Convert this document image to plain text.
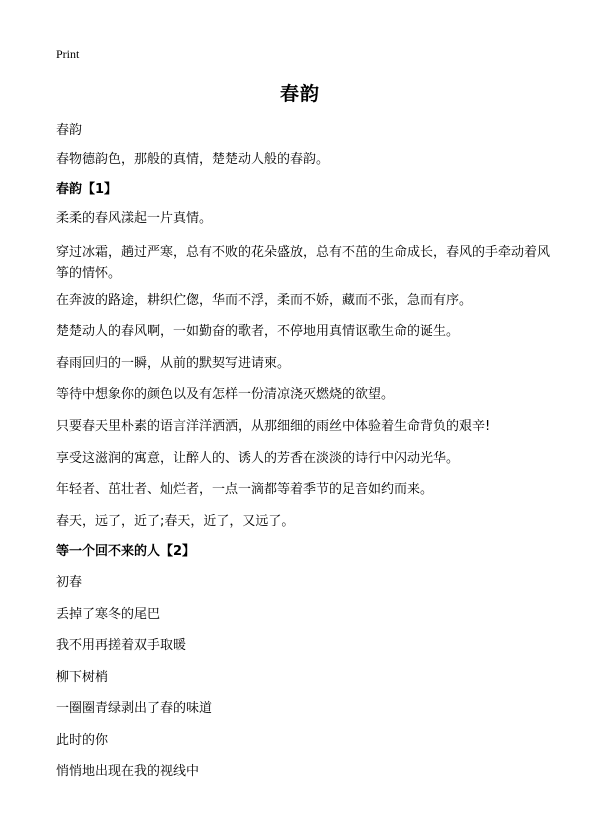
Print
春韵
春韵
春物德韵色，那般的真情，楚楚动人般的春韵。
春韵【1】
柔柔的春风漾起一片真情。
穿过冰霜，趟过严寒，总有不败的花朵盛放，总有不茁的生命成长，春风的手牵动着风筝的情怀。
在奔波的路途，耕织伫偬，华而不浮，柔而不娇，藏而不张，急而有序。
楚楚动人的春风啊，一如勤奋的歌者，不停地用真情讴歌生命的诞生。
春雨回归的一瞬，从前的默契写进请柬。
等待中想象你的颜色以及有怎样一份清凉浇灭燃烧的欲望。
只要春天里朴素的语言洋洋洒洒，从那细细的雨丝中体验着生命背负的艰辛!
享受这滋润的寓意，让醉人的、诱人的芳香在淡淡的诗行中闪动光华。
年轻者、茁壮者、灿烂者，一点一滴都等着季节的足音如约而来。
春天，远了，近了;春天，近了，又远了。
等一个回不来的人【2】
初春
丢掉了寒冬的尾巴
我不用再搓着双手取暖
柳下树梢
一圈圈青绿剥出了春的味道
此时的你
悄悄地出现在我的视线中
